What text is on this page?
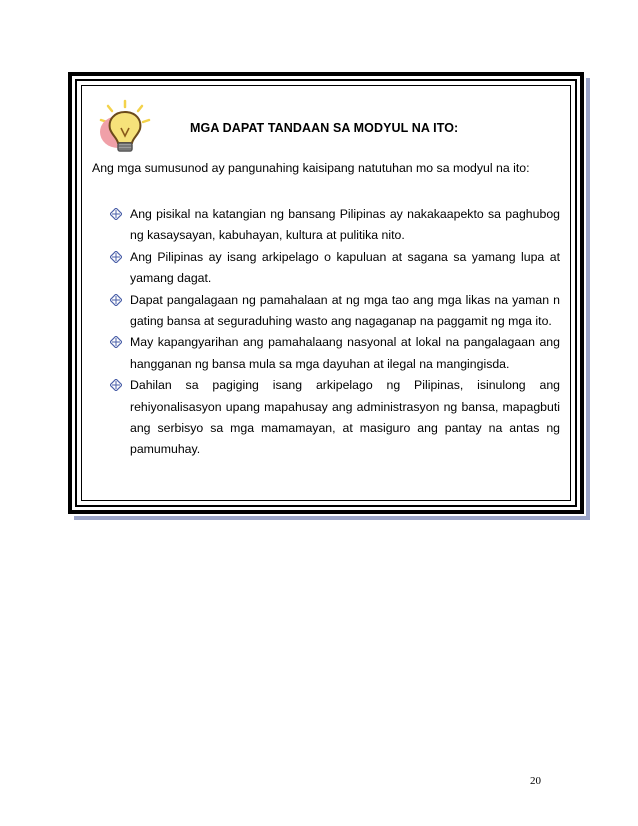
MGA DAPAT TANDAAN SA MODYUL NA ITO:
Ang mga sumusunod ay pangunahing kaisipang natutuhan mo sa modyul na ito:
Ang pisikal na katangian ng bansang Pilipinas ay nakakaapekto sa paghubog ng kasaysayan, kabuhayan, kultura at pulitika nito.
Ang Pilipinas ay isang arkipelago o kapuluan at sagana sa yamang lupa at yamang dagat.
Dapat pangalagaan ng pamahalaan at ng mga tao ang mga likas na yaman n gating bansa at seguraduhing wasto ang nagaganap na paggamit ng mga ito.
May kapangyarihan ang pamahalaang nasyonal at lokal na pangalagaan ang hangganan ng bansa mula sa mga dayuhan at ilegal na mangingisda.
Dahilan sa pagiging isang arkipelago ng Pilipinas, isinulong ang rehiyonalisasyon upang mapahusay ang administrasyon ng bansa, mapagbuti ang serbisyo sa mga mamamayan, at masiguro ang pantay na antas ng pamumuhay.
20
